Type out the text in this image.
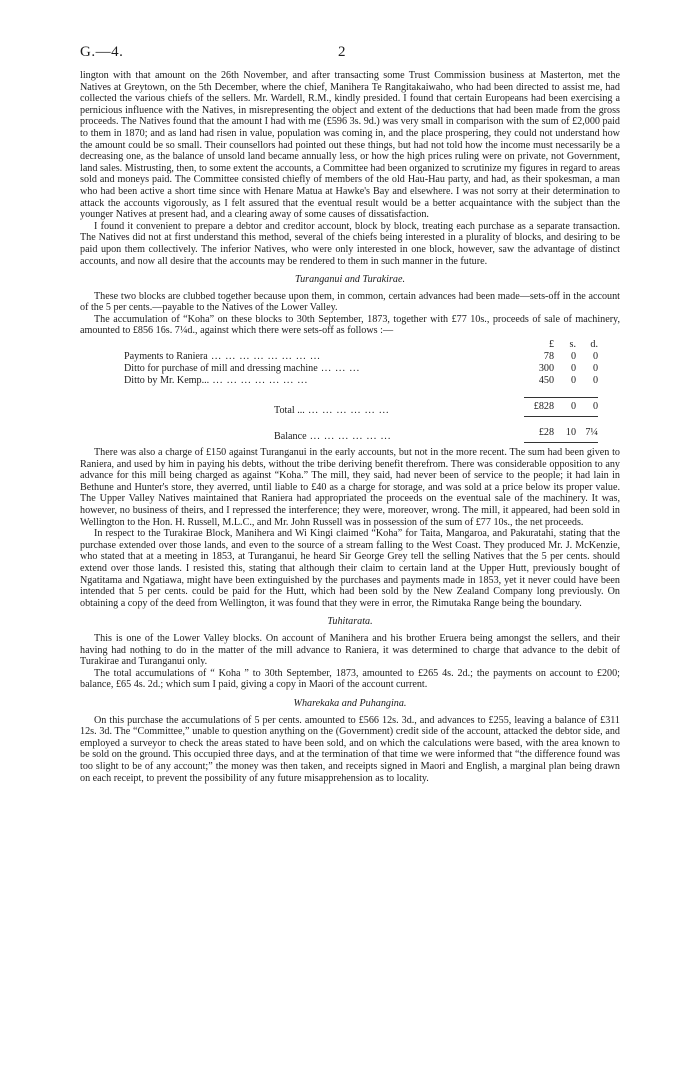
G.—4.	2

lington with that amount on the 26th November, and after transacting some Trust Commission business at Masterton, met the Natives at Greytown, on the 5th December, where the chief, Manihera Te Rangitakaiwaho, who had been directed to assist me, had collected the various chiefs of the sellers. Mr. Wardell, R.M., kindly presided. I found that certain Europeans had been exercising a pernicious influence with the Natives, in misrepresenting the object and extent of the deductions that had been made from the gross proceeds. The Natives found that the amount I had with me (£596 3s. 9d.) was very small in comparison with the sum of £2,000 paid to them in 1870; and as land had risen in value, population was coming in, and the place prospering, they could not understand how the amount could be so small. Their counsellors had pointed out these things, but had not told how the income must necessarily be a decreasing one, as the balance of unsold land became annually less, or how the high prices ruling were on private, not Government, land sales. Mistrusting, then, to some extent the accounts, a Committee had been organized to scrutinize my figures in regard to areas sold and moneys paid. The Committee consisted chiefly of members of the old Hau-Hau party, and had, as their spokesman, a man who had been active a short time since with Henare Matua at Hawke's Bay and elsewhere. I was not sorry at their determination to attack the accounts vigorously, as I felt assured that the eventual result would be a better acquaintance with the subject than the younger Natives at present had, and a clearing away of some causes of dissatisfaction.

I found it convenient to prepare a debtor and creditor account, block by block, treating each purchase as a separate transaction. The Natives did not at first understand this method, several of the chiefs being interested in a plurality of blocks, and desiring to be paid upon them collectively. The inferior Natives, who were only interested in one block, however, saw the advantage of distinct accounts, and now all desire that the accounts may be rendered to them in such manner in the future.

Turanganui and Turakirae.

These two blocks are clubbed together because upon them, in common, certain advances had been made—sets-off in the account of the 5 per cents.—payable to the Natives of the Lower Valley.

The accumulation of “Koha” on these blocks to 30th September, 1873, together with £77 10s., proceeds of sale of machinery, amounted to £856 16s. 7¼d., against which there were sets-off as follows :—

	£	s.	d.
Payments to Raniera ... ... ... ... ... ... ... ...	78	0	0
Ditto for purchase of mill and dressing machine ... ... ...	300	0	0
Ditto by Mr. Kemp... ... ... ... ... ... ... ...	450	0	0

Total ... ... ... ... ... ... ...	£828	0	0

Balance ... ... ... ... ... ...	£28	10	7¼

There was also a charge of £150 against Turanganui in the early accounts, but not in the more recent. The sum had been given to Raniera, and used by him in paying his debts, without the tribe deriving benefit therefrom. There was considerable opposition to any advance for this mill being charged as against “Koha.” The mill, they said, had never been of service to the people; it had lain in Bethune and Hunter's store, they averred, until liable to £40 as a charge for storage, and was sold at a price below its proper value. The Upper Valley Natives maintained that Raniera had appropriated the proceeds on the eventual sale of the machinery. It was, however, no business of theirs, and I repressed the interference; they were, moreover, wrong. The mill, it appeared, had been sold in Wellington to the Hon. H. Russell, M.L.C., and Mr. John Russell was in possession of the sum of £77 10s., the net proceeds.

In respect to the Turakirae Block, Manihera and Wi Kingi claimed “Koha” for Taita, Mangaroa, and Pakuratahi, stating that the purchase extended over those lands, and even to the source of a stream falling to the West Coast. They produced Mr. J. McKenzie, who stated that at a meeting in 1853, at Turanganui, he heard Sir George Grey tell the selling Natives that the 5 per cents. should extend over those lands. I resisted this, stating that although their claim to certain land at the Upper Hutt, previously bought of Ngatitama and Ngatiawa, might have been extinguished by the purchases and payments made in 1853, yet it never could have been intended that 5 per cents. could be paid for the Hutt, which had been sold by the New Zealand Company long previously. On obtaining a copy of the deed from Wellington, it was found that they were in error, the Rimutaka Range being the boundary.

Tuhitarata.

This is one of the Lower Valley blocks. On account of Manihera and his brother Eruera being amongst the sellers, and their having had nothing to do in the matter of the mill advance to Raniera, it was determined to charge that advance to the debit of Turakirae and Turanganui only.

The total accumulations of “ Koha ” to 30th September, 1873, amounted to £265 4s. 2d.; the payments on account to £200; balance, £65 4s. 2d.; which sum I paid, giving a copy in Maori of the account current.

Wharekaka and Puhangina.

On this purchase the accumulations of 5 per cents. amounted to £566 12s. 3d., and advances to £255, leaving a balance of £311 12s. 3d. The “Committee,” unable to question anything on the (Government) credit side of the account, attacked the debtor side, and employed a surveyor to check the areas stated to have been sold, and on which the calculations were based, with the area known to be sold on the ground. This occupied three days, and at the termination of that time we were informed that “the difference found was too slight to be of any account;” the money was then taken, and receipts signed in Maori and English, a marginal plan being drawn on each receipt, to prevent the possibility of any future misapprehension as to locality.
